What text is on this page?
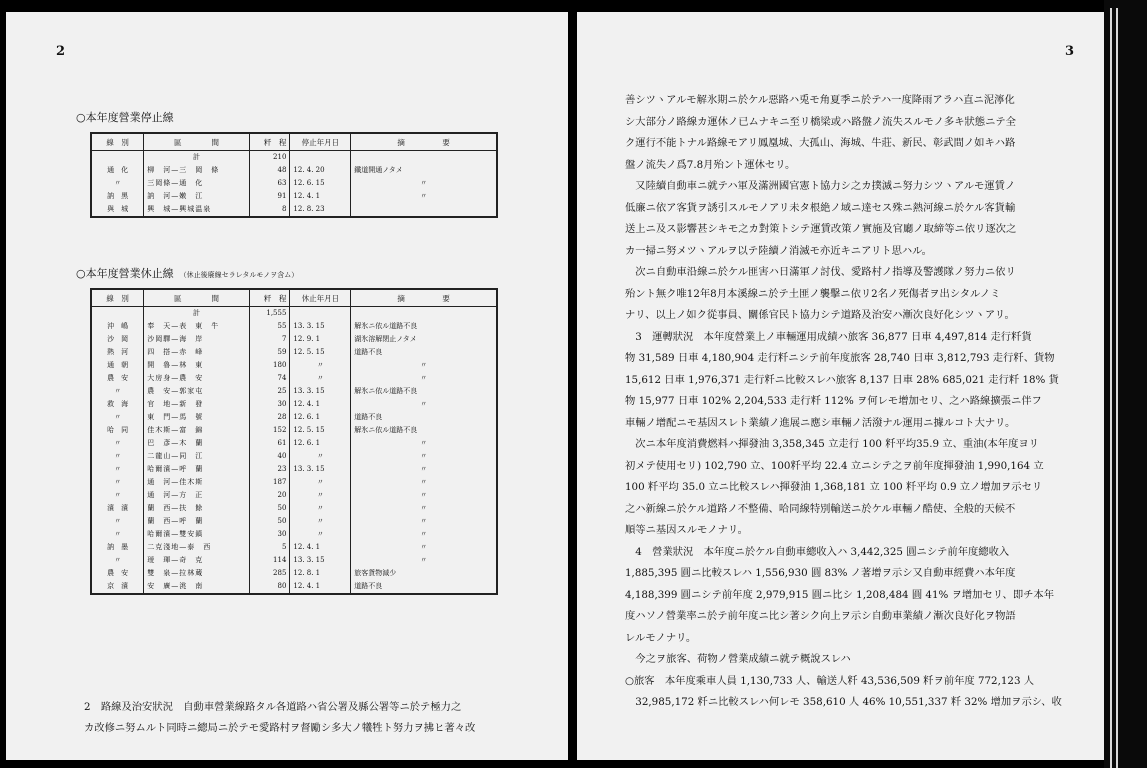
2
○本年度營業停止線
線　別	區　　　　間	粁　程	停止年月日	摘　　　　　要
	計	210		
通　化	柳　河—三　岡　條	48	12. 4. 20	鐵道開通ノタメ
〃	三岡條—通　化	63	12. 6. 15	〃
訥　黑	訥　河—嫩　江	91	12. 4. 1	〃
與　城	興　城—興城温泉	8	12. 8. 23	
○本年度營業休止線 （休止後廢線セラレタルモノヲ含ム）
線　別	區　　　　間	粁　程	休止年月日	摘　　　　　要
	計	1,555		
沖　嶋	奉　天—表　東　牛	55	13. 3. 15	解氷ニ依ル道路不良
沙　岡	沙岡驛—海　岸	7	12. 9. 1	湖氷溶解閉止ノタメ
熱　河	四　搭—赤　峰	59	12. 5. 15	道路不良
通　朝	開　魯—林　東	180	〃	〃
農　安	大房身—農　安	74	〃	〃
〃	農　安—郭家屯	25	13. 3. 15	解氷ニ依ル道路不良
救　海	官　地—新　發	30	12. 4. 1	〃
〃	東　門—馬　號	28	12. 6. 1	道路不良
哈　同	佳木斯—富　錦	152	12. 5. 15	解氷ニ依ル道路不良
〃	巴　彥—木　蘭	61	12. 6. 1	〃
〃	二龍山—同　江	40	〃	〃
〃	哈爾濱—呼　蘭	23	13. 3. 15	〃
〃	通　河—佳木斯	187	〃	〃
〃	通　河—方　正	20	〃	〃
濱　濱	蘭　西—扶　餘	50	〃	〃
〃	蘭　西—呼　蘭	50	〃	〃
〃	哈爾濱—雙安鎮	30	〃	〃
訥　墨	二克淺地—泰　西	5	12. 4. 1	〃
〃	璦　琿—奇　克	114	13. 3. 15	〃
農　安	雙　泉—拉林蔵	285	12. 8. 1	旅客貨物減少
京　濱	安　廣—洮　南	80	12. 4. 1	道路不良

2　路線及治安狀況　自動車營業線路タル各道路ハ省公署及縣公署等ニ於テ極力之

カ改修ニ努ムルト同時ニ總局ニ於テモ愛路村ヲ督勵シ多大ノ犧牲ト努力ヲ拂ヒ著々改

3

善シツヽアルモ解氷期ニ於ケル惡路ハ兎モ角夏季ニ於テハ一度降雨アラハ直ニ泥濘化

シ大部分ノ路線カ運休ノ已ムナキニ至リ橋梁或ハ路盤ノ流失スルモノ多キ狀態ニテ全

ク運行不能トナル路線モアリ鳳凰城、大孤山、海城、牛莊、新民、彰武間ノ如キハ路

盤ノ流失ノ爲7.8月殆ント運休セリ。

　又陸續自動車ニ就テハ軍及滿洲國官憲ト協力シ之カ撲滅ニ努力シツヽアルモ運賃ノ

低廉ニ依ア客貨ヲ誘引スルモノアリ未タ根絶ノ域ニ達セス殊ニ熱河線ニ於ケル客貨輸

送上ニ及ス影響甚シキモ之カ對策トシテ運賃改策ノ實施及官廳ノ取締等ニ依リ逐次之

カ一掃ニ努メツヽアルヲ以テ陸續ノ消滅モ亦近キニアリト思ハル。

　次ニ自動車沿線ニ於ケル匪害ハ日滿軍ノ討伐、愛路村ノ指導及警護隊ノ努力ニ依リ

殆ント無ク唯12年8月本溪線ニ於テ土匪ノ襲擊ニ依リ2名ノ死傷者ヲ出シタルノミ

ナリ、以上ノ如ク從事員、關係官民ト協力シテ道路及治安ハ漸次良好化シツヽアリ。

　3　運轉狀況　本年度營業上ノ車輛運用成績ハ旅客 36,877 日車 4,497,814 走行粁貨

物 31,589 日車 4,180,904 走行粁ニシテ前年度旅客 28,740 日車 3,812,793 走行粁、貨物

15,612 日車 1,976,371 走行粁ニ比較スレハ旅客 8,137 日車 28% 685,021 走行粁 18% 貨

物 15,977 日車 102% 2,204,533 走行粁 112% ヲ何レモ增加セリ、之ハ路線擴張ニ伴フ

車輛ノ增配ニモ基因スレト業績ノ進展ニ應シ車輛ノ活潑ナル運用ニ據ルコト大ナリ。

　次ニ本年度消費燃料ハ揮發油 3,358,345 立走行 100 粁平均35.9 立、重油(本年度ヨリ

初メテ使用セリ) 102,790 立、100粁平均 22.4 立ニシテ之ヲ前年度揮發油 1,990,164 立

100 粁平均 35.0 立ニ比較スレハ揮發油 1,368,181 立 100 粁平均 0.9 立ノ增加ヲ示セリ

之ハ新線ニ於ケル道路ノ不整備、哈同線特別輸送ニ於ケル車輛ノ酷使、全般的天候不

順等ニ基因スルモノナリ。

　4　營業狀況　本年度ニ於ケル自動車總收入ハ 3,442,325 圓ニシテ前年度總收入

1,885,395 圓ニ比較スレハ 1,556,930 圓 83% ノ著增ヲ示シ又自動車經費ハ本年度

4,188,399 圓ニシテ前年度 2,979,915 圓ニ比シ 1,208,484 圓 41% ヲ增加セリ、即チ本年

度ハソノ營業率ニ於テ前年度ニ比シ著シク向上ヲ示シ自動車業績ノ漸次良好化ヲ物語

レルモノナリ。

　今之ヲ旅客、荷物ノ營業成績ニ就テ概說スレハ

○旅客　本年度乘車人員 1,130,733 人、輸送人粁 43,536,509 粁ヲ前年度 772,123 人

　32,985,172 粁ニ比較スレハ何レモ 358,610 人 46% 10,551,337 粁 32% 增加ヲ示シ、收
